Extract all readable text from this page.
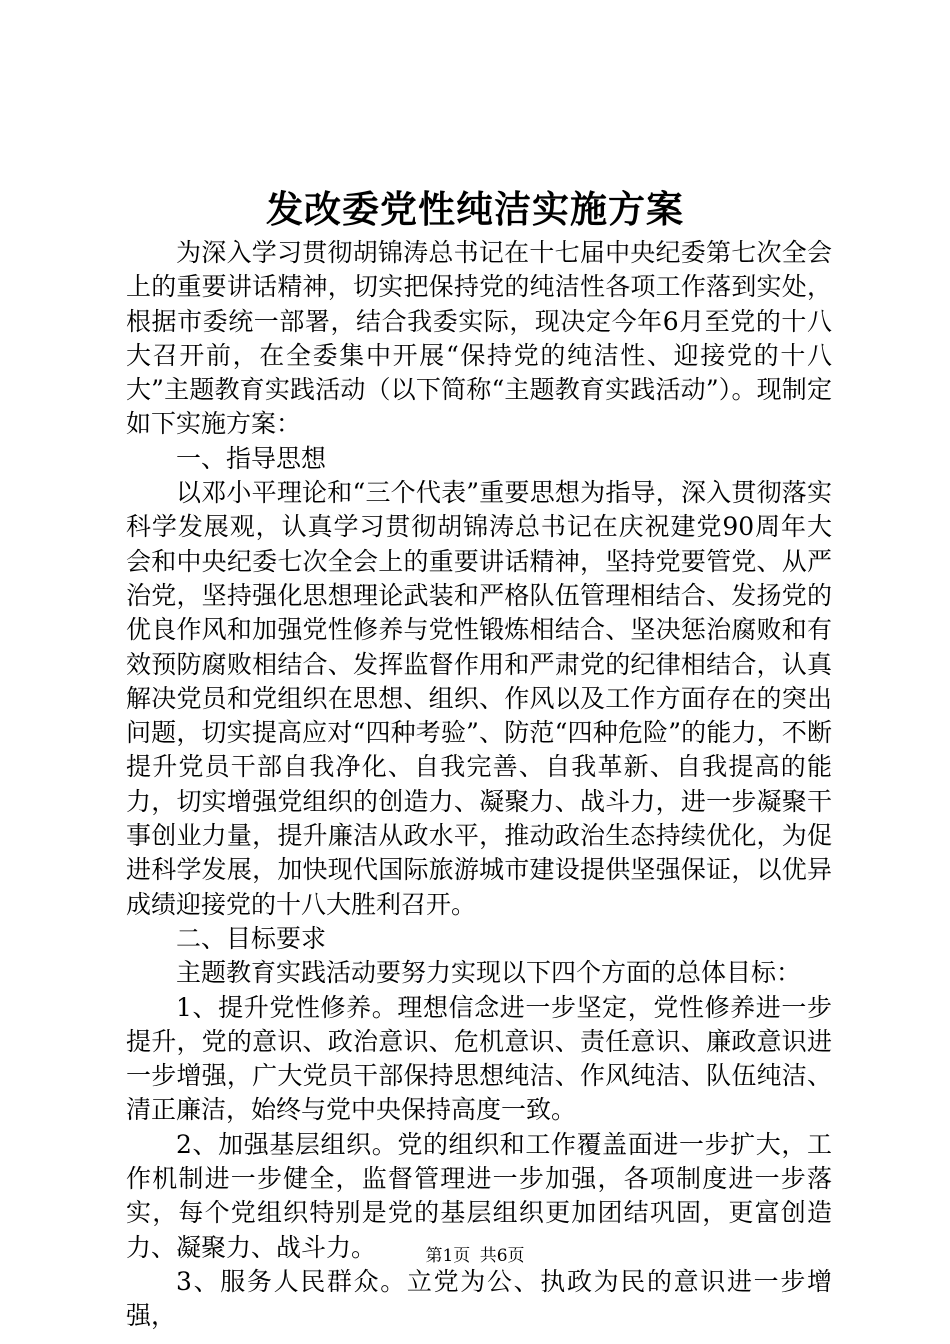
发改委党性纯洁实施方案

为深入学习贯彻胡锦涛总书记在十七届中央纪委第七次全会上的重要讲话精神，切实把保持党的纯洁性各项工作落到实处，根据市委统一部署，结合我委实际，现决定今年6月至党的十八大召开前，在全委集中开展“保持党的纯洁性、迎接党的十八大”主题教育实践活动（以下简称“主题教育实践活动”）。现制定如下实施方案：

一、指导思想

以邓小平理论和“三个代表”重要思想为指导，深入贯彻落实科学发展观，认真学习贯彻胡锦涛总书记在庆祝建党90周年大会和中央纪委七次全会上的重要讲话精神，坚持党要管党、从严治党，坚持强化思想理论武装和严格队伍管理相结合、发扬党的优良作风和加强党性修养与党性锻炼相结合、坚决惩治腐败和有效预防腐败相结合、发挥监督作用和严肃党的纪律相结合，认真解决党员和党组织在思想、组织、作风以及工作方面存在的突出问题，切实提高应对“四种考验”、防范“四种危险”的能力，不断提升党员干部自我净化、自我完善、自我革新、自我提高的能力，切实增强党组织的创造力、凝聚力、战斗力，进一步凝聚干事创业力量，提升廉洁从政水平，推动政治生态持续优化，为促进科学发展，加快现代国际旅游城市建设提供坚强保证，以优异成绩迎接党的十八大胜利召开。

二、目标要求

主题教育实践活动要努力实现以下四个方面的总体目标：

1、提升党性修养。理想信念进一步坚定，党性修养进一步提升，党的意识、政治意识、危机意识、责任意识、廉政意识进一步增强，广大党员干部保持思想纯洁、作风纯洁、队伍纯洁、清正廉洁，始终与党中央保持高度一致。

2、加强基层组织。党的组织和工作覆盖面进一步扩大，工作机制进一步健全，监督管理进一步加强，各项制度进一步落实，每个党组织特别是党的基层组织更加团结巩固，更富创造力、凝聚力、战斗力。

3、服务人民群众。立党为公、执政为民的意识进一步增强，

第1页 共6页
